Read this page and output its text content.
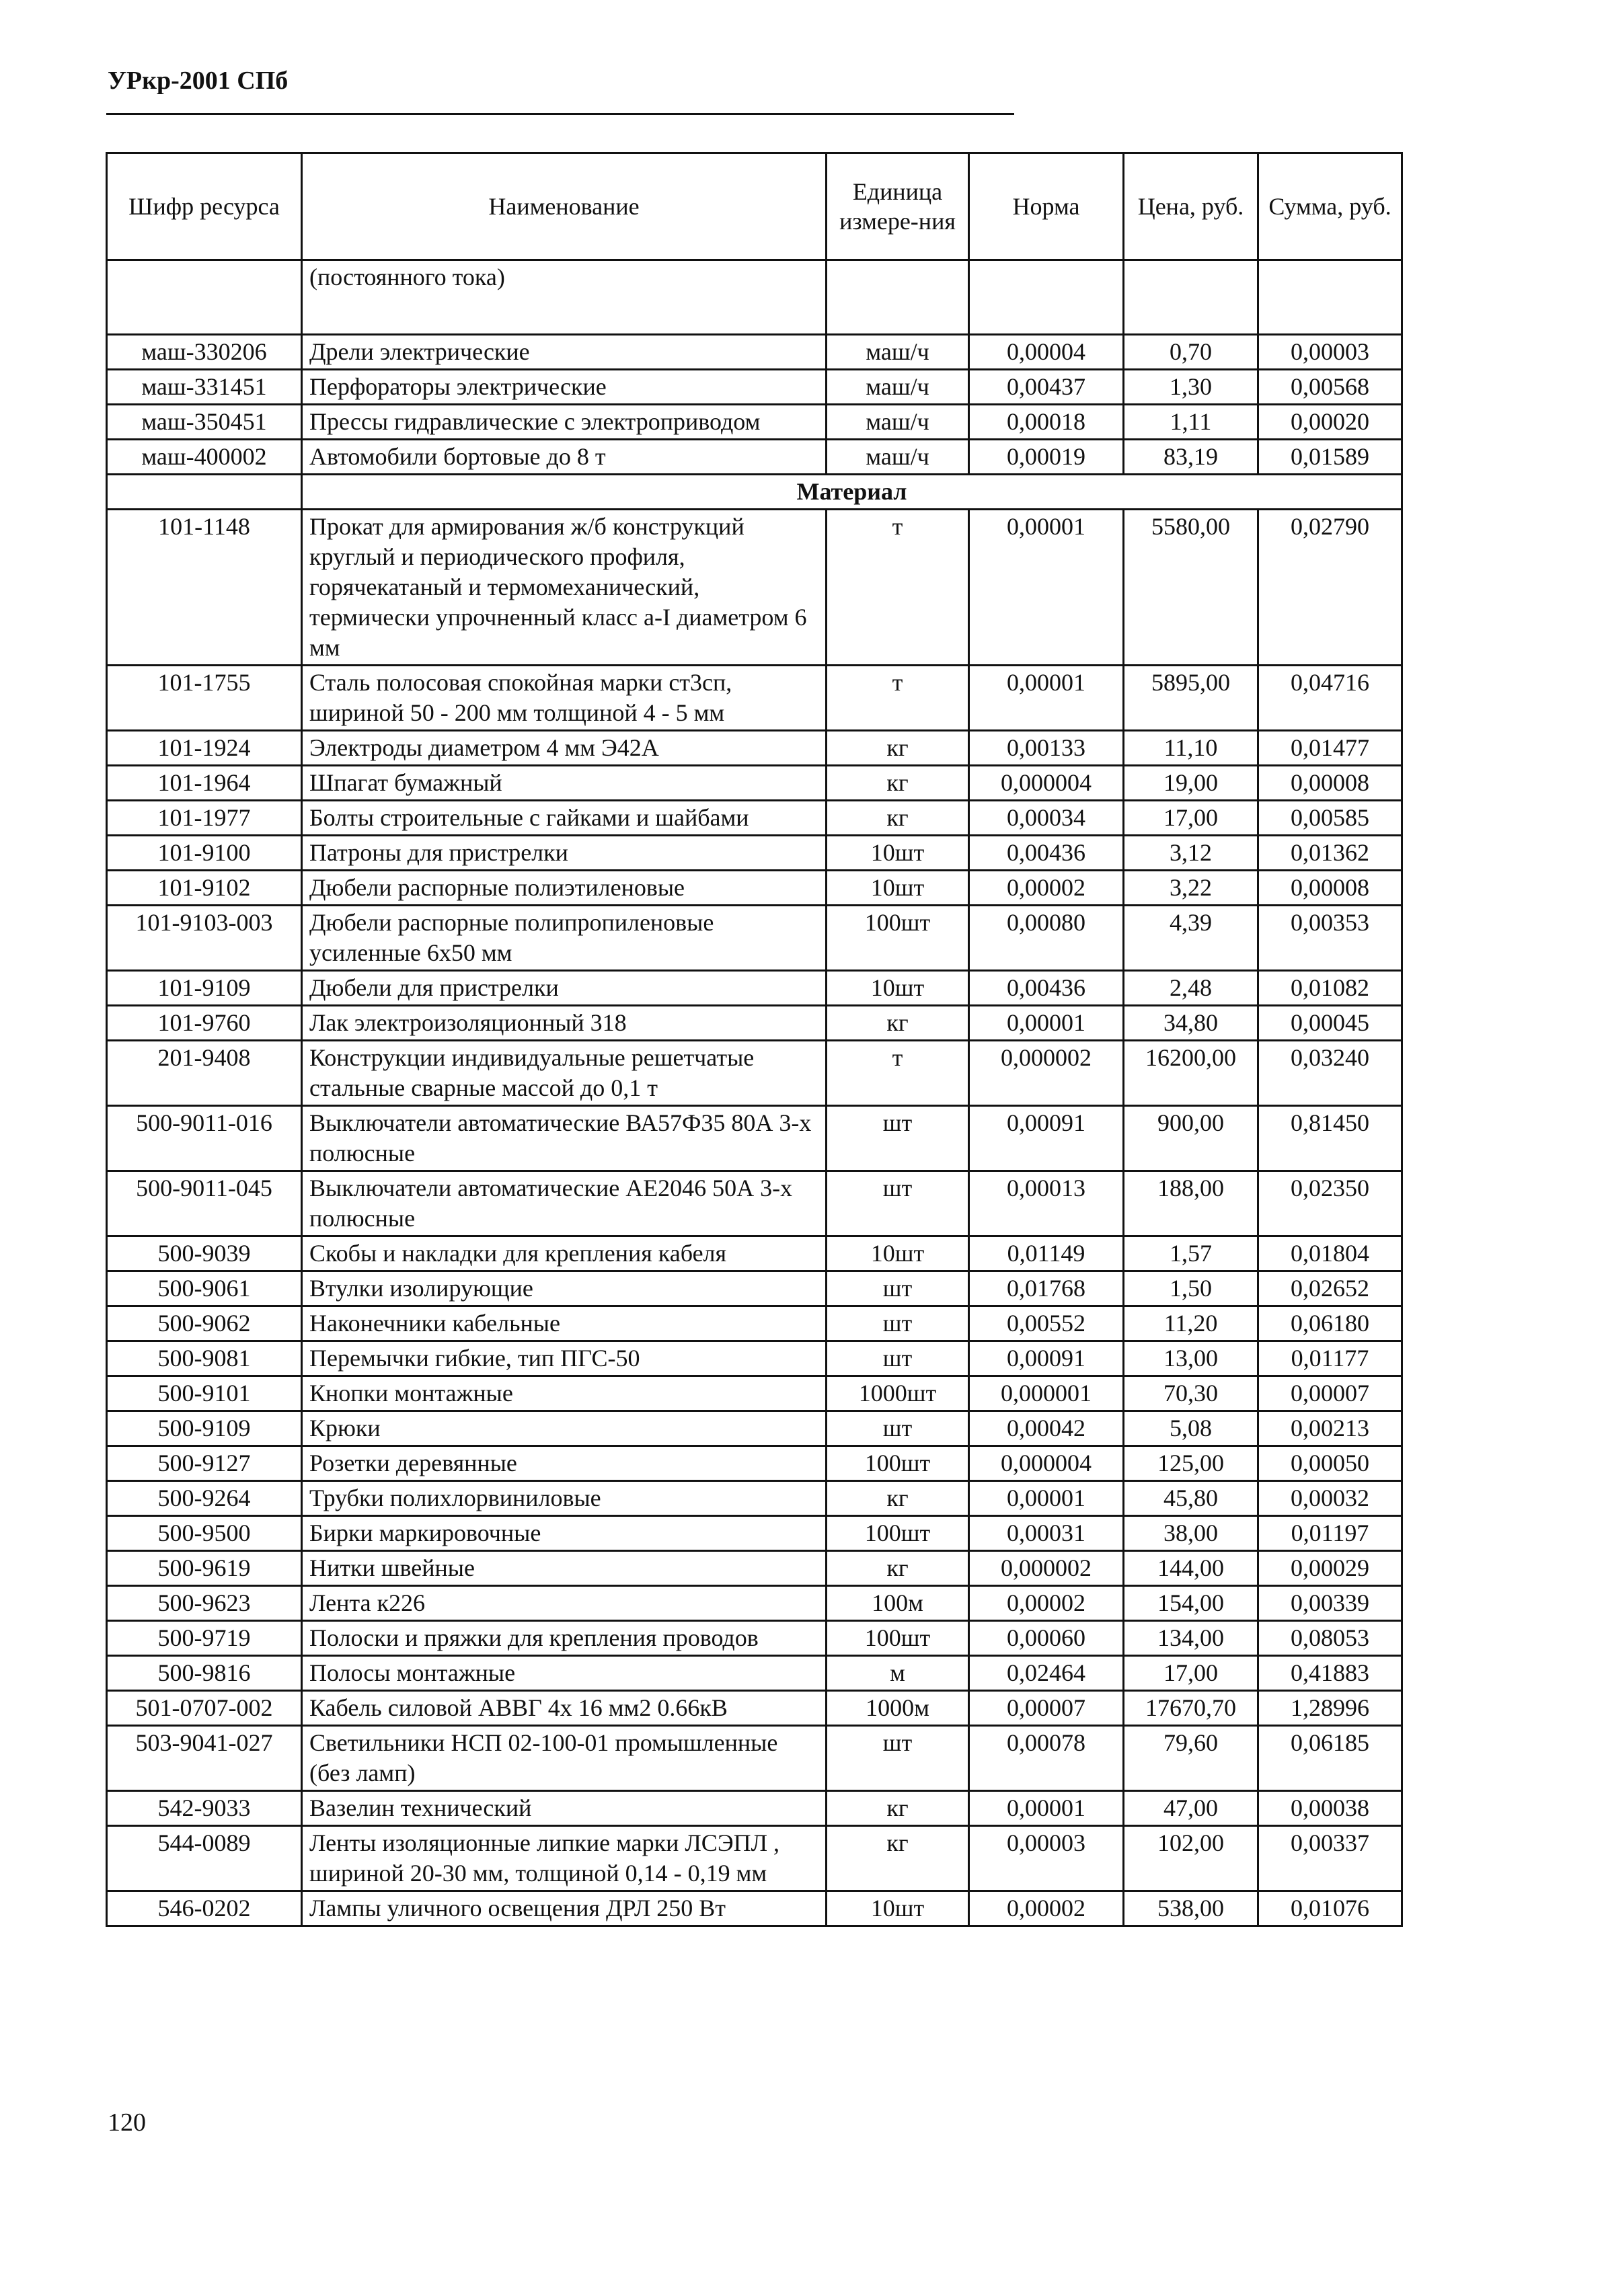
УРкр-2001 СПб
Шифр ресурса	Наименование	Единица измере-ния	Норма	Цена, руб.	Сумма, руб.
	(постоянного тока)				
маш-330206	Дрели электрические	маш/ч	0,00004	0,70	0,00003
маш-331451	Перфораторы электрические	маш/ч	0,00437	1,30	0,00568
маш-350451	Прессы гидравлические с электроприводом	маш/ч	0,00018	1,11	0,00020
маш-400002	Автомобили бортовые до 8 т	маш/ч	0,00019	83,19	0,01589
	Материал				
101-1148	Прокат для армирования ж/б конструкций круглый и периодического профиля, горячекатаный и термомеханический, термически упрочненный класс а-I диаметром 6 мм	т	0,00001	5580,00	0,02790
101-1755	Сталь полосовая спокойная марки ст3сп, шириной 50 - 200 мм толщиной 4 - 5 мм	т	0,00001	5895,00	0,04716
101-1924	Электроды диаметром 4 мм Э42А	кг	0,00133	11,10	0,01477
101-1964	Шпагат бумажный	кг	0,000004	19,00	0,00008
101-1977	Болты строительные с гайками и шайбами	кг	0,00034	17,00	0,00585
101-9100	Патроны для пристрелки	10шт	0,00436	3,12	0,01362
101-9102	Дюбели распорные полиэтиленовые	10шт	0,00002	3,22	0,00008
101-9103-003	Дюбели распорные полипропиленовые усиленные 6х50 мм	100шт	0,00080	4,39	0,00353
101-9109	Дюбели для пристрелки	10шт	0,00436	2,48	0,01082
101-9760	Лак электроизоляционный 318	кг	0,00001	34,80	0,00045
201-9408	Конструкции индивидуальные решетчатые стальные сварные массой до 0,1 т	т	0,000002	16200,00	0,03240
500-9011-016	Выключатели автоматические ВА57Ф35 80А 3-х полюсные	шт	0,00091	900,00	0,81450
500-9011-045	Выключатели автоматические АЕ2046 50А 3-х полюсные	шт	0,00013	188,00	0,02350
500-9039	Скобы и накладки для крепления кабеля	10шт	0,01149	1,57	0,01804
500-9061	Втулки изолирующие	шт	0,01768	1,50	0,02652
500-9062	Наконечники кабельные	шт	0,00552	11,20	0,06180
500-9081	Перемычки гибкие, тип ПГС-50	шт	0,00091	13,00	0,01177
500-9101	Кнопки монтажные	1000шт	0,000001	70,30	0,00007
500-9109	Крюки	шт	0,00042	5,08	0,00213
500-9127	Розетки деревянные	100шт	0,000004	125,00	0,00050
500-9264	Трубки полихлорвиниловые	кг	0,00001	45,80	0,00032
500-9500	Бирки маркировочные	100шт	0,00031	38,00	0,01197
500-9619	Нитки швейные	кг	0,000002	144,00	0,00029
500-9623	Лента к226	100м	0,00002	154,00	0,00339
500-9719	Полоски и пряжки для крепления проводов	100шт	0,00060	134,00	0,08053
500-9816	Полосы монтажные	м	0,02464	17,00	0,41883
501-0707-002	Кабель силовой АВВГ 4х 16 мм2 0.66кВ	1000м	0,00007	17670,70	1,28996
503-9041-027	Светильники НСП 02-100-01 промышленные (без ламп)	шт	0,00078	79,60	0,06185
542-9033	Вазелин технический	кг	0,00001	47,00	0,00038
544-0089	Ленты изоляционные липкие марки ЛСЭПЛ , шириной 20-30 мм, толщиной 0,14 - 0,19 мм	кг	0,00003	102,00	0,00337
546-0202	Лампы уличного освещения ДРЛ 250 Вт	10шт	0,00002	538,00	0,01076
120
